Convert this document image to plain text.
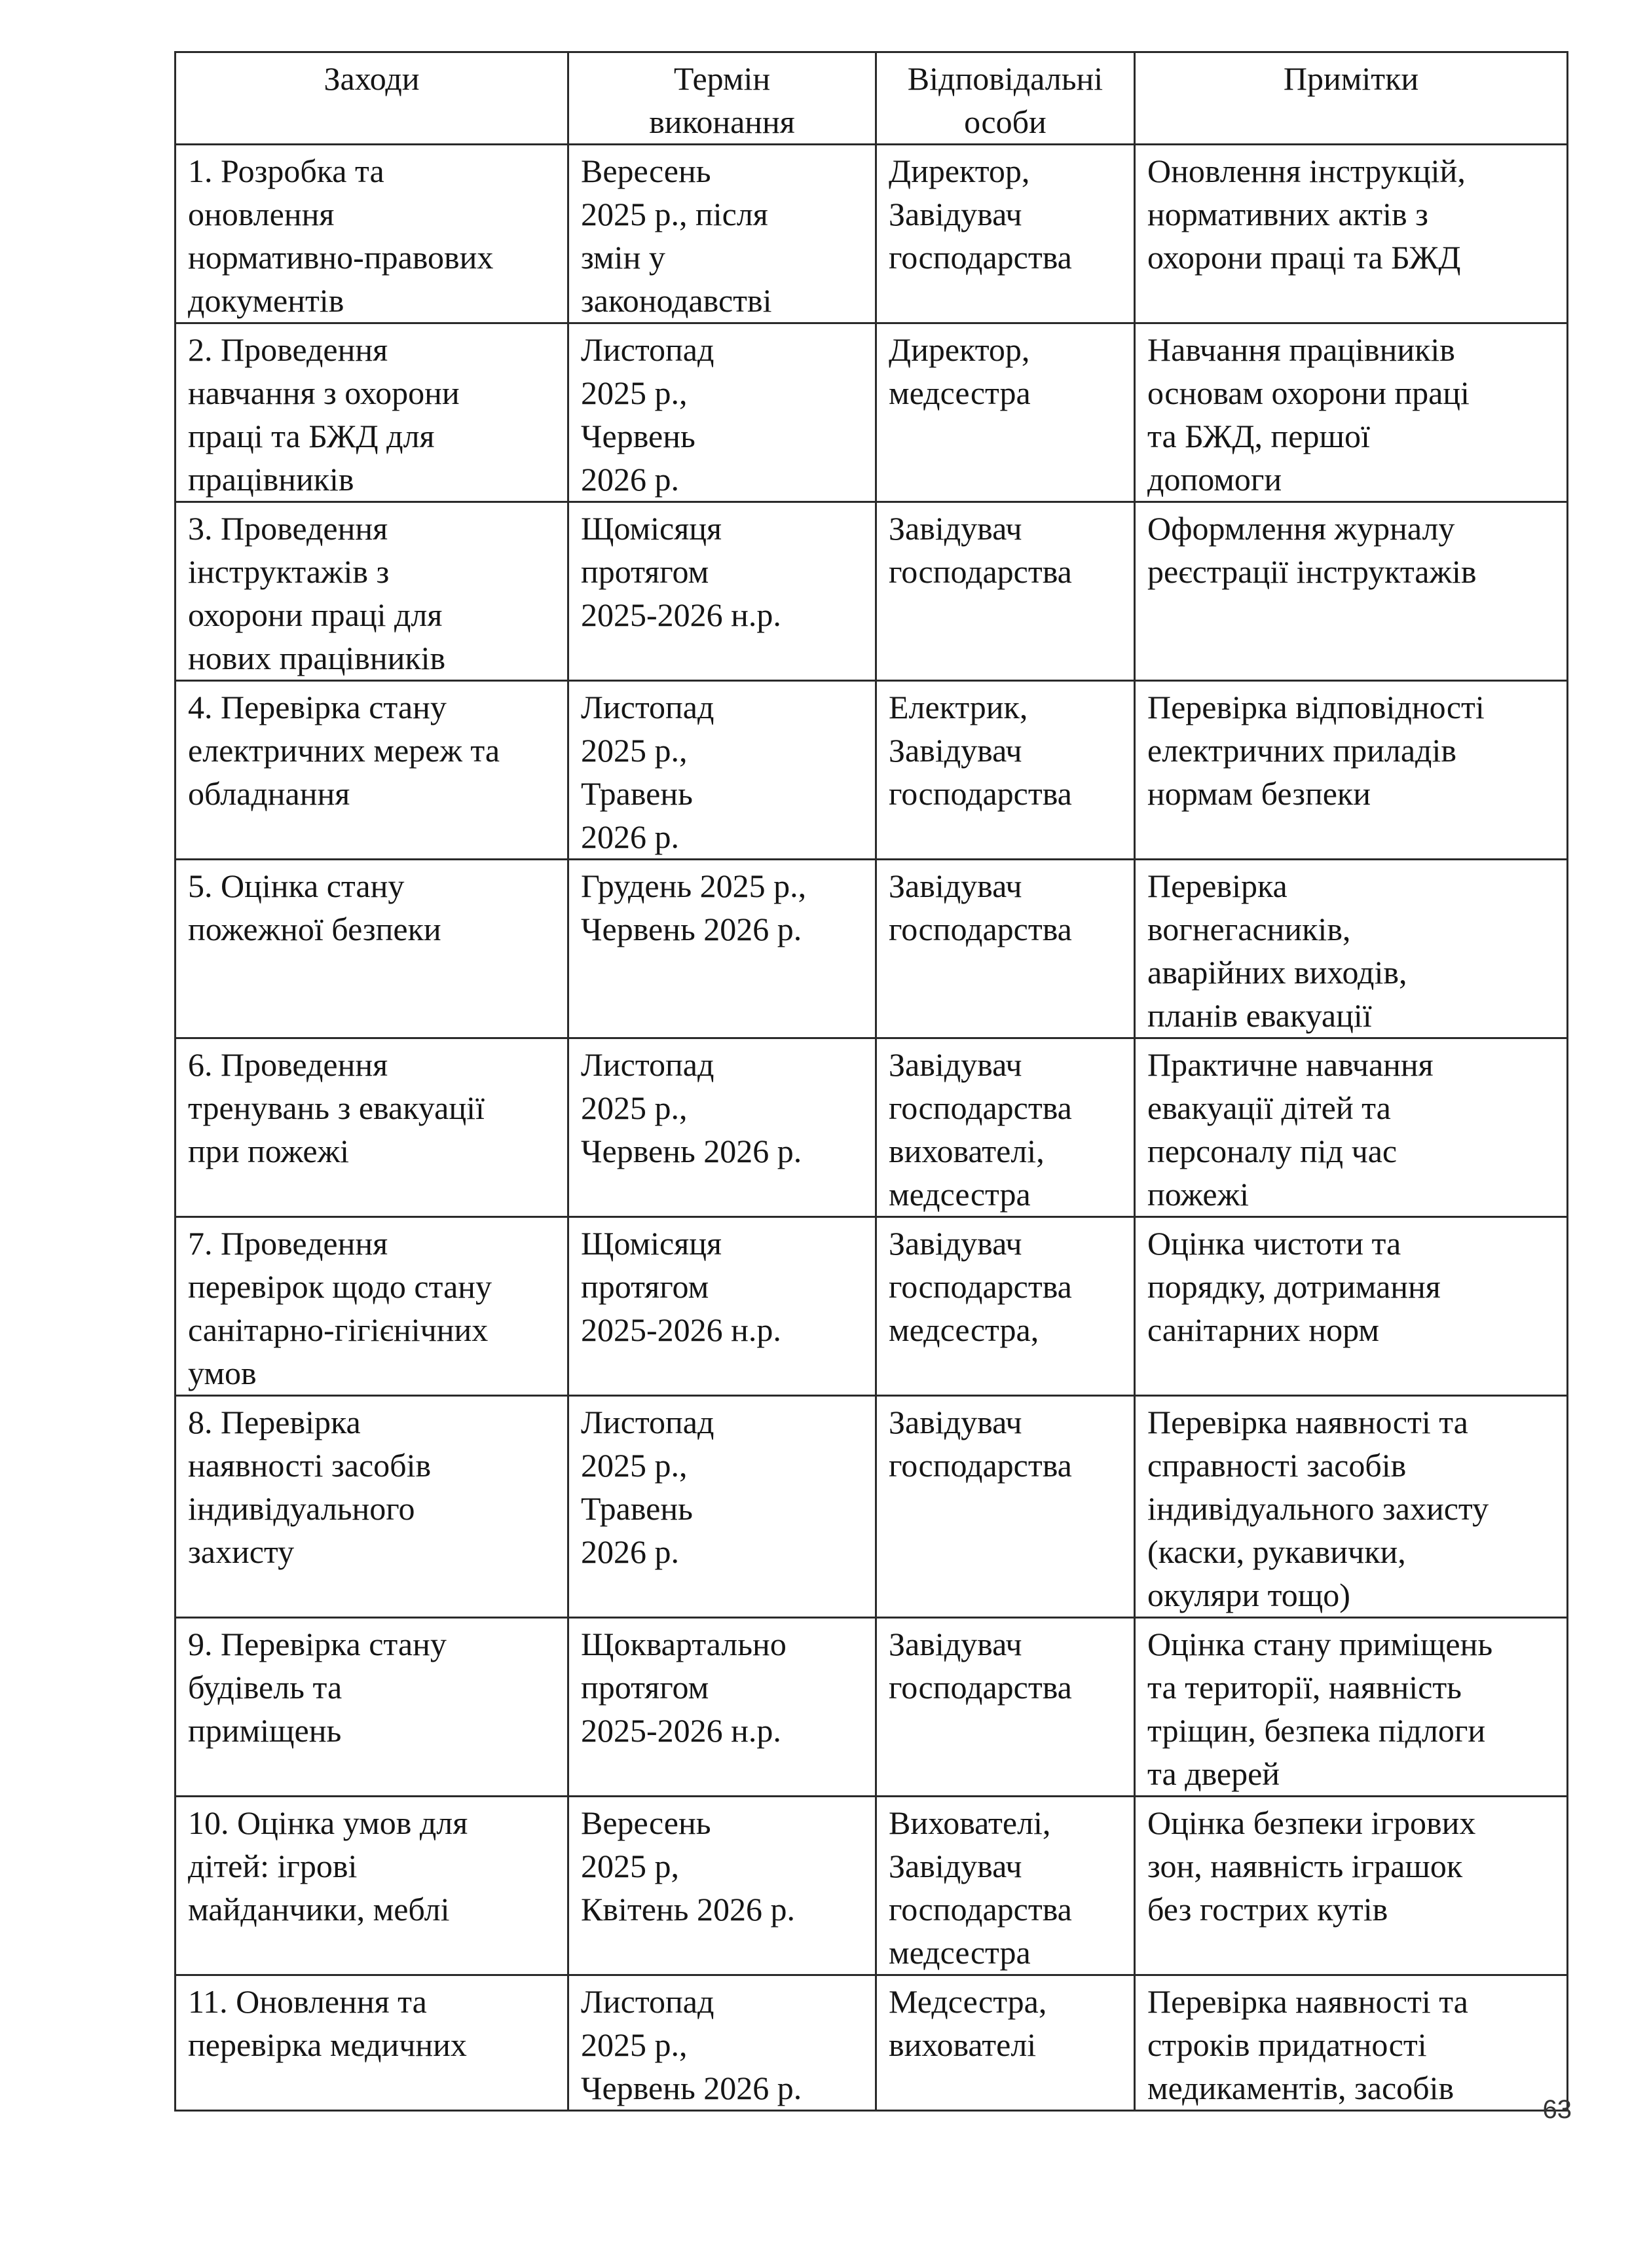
Заходи	Термін
виконання	Відповідальні
особи	Примітки

1. Розробка та
оновлення
нормативно-правових
документів	Вересень
2025 р., після
змін у
законодавстві	Директор,
Завідувач
господарства	Оновлення інструкцій,
нормативних актів з
охорони праці та БЖД

2. Проведення
навчання з охорони
праці та БЖД для
працівників	Листопад
2025 р.,
Червень
2026 р.	Директор,
медсестра	Навчання працівників
основам охорони праці
та БЖД, першої
допомоги

3. Проведення
інструктажів з
охорони праці для
нових працівників	Щомісяця
протягом
2025-2026 н.р.	Завідувач
господарства	Оформлення журналу
реєстрації інструктажів

4. Перевірка стану
електричних мереж та
обладнання	Листопад
2025 р.,
Травень
2026 р.	Електрик,
Завідувач
господарства	Перевірка відповідності
електричних приладів
нормам безпеки

5. Оцінка стану
пожежної безпеки	Грудень 2025 р.,
Червень 2026 р.	Завідувач
господарства	Перевірка
вогнегасників,
аварійних виходів,
планів евакуації

6. Проведення
тренувань з евакуації
при пожежі	Листопад
2025 р.,
Червень 2026 р.	Завідувач
господарства
вихователі,
медсестра	Практичне навчання
евакуації дітей та
персоналу під час
пожежі

7. Проведення
перевірок щодо стану
санітарно-гігієнічних
умов	Щомісяця
протягом
2025-2026 н.р.	Завідувач
господарства
медсестра,	Оцінка чистоти та
порядку, дотримання
санітарних норм

8. Перевірка
наявності засобів
індивідуального
захисту	Листопад
2025 р.,
Травень
2026 р.	Завідувач
господарства	Перевірка наявності та
справності засобів
індивідуального захисту
(каски, рукавички,
окуляри тощо)

9. Перевірка стану
будівель та
приміщень	Щоквартально
протягом
2025-2026 н.р.	Завідувач
господарства	Оцінка стану приміщень
та території, наявність
тріщин, безпека підлоги
та дверей

10. Оцінка умов для
дітей: ігрові
майданчики, меблі	Вересень
2025 р,
Квітень 2026 р.	Вихователі,
Завідувач
господарства
медсестра	Оцінка безпеки ігрових
зон, наявність іграшок
без гострих кутів

11. Оновлення та
перевірка медичних	Листопад
2025 р.,
Червень 2026 р.	Медсестра,
вихователі	Перевірка наявності та
строків придатності
медикаментів, засобів
63
